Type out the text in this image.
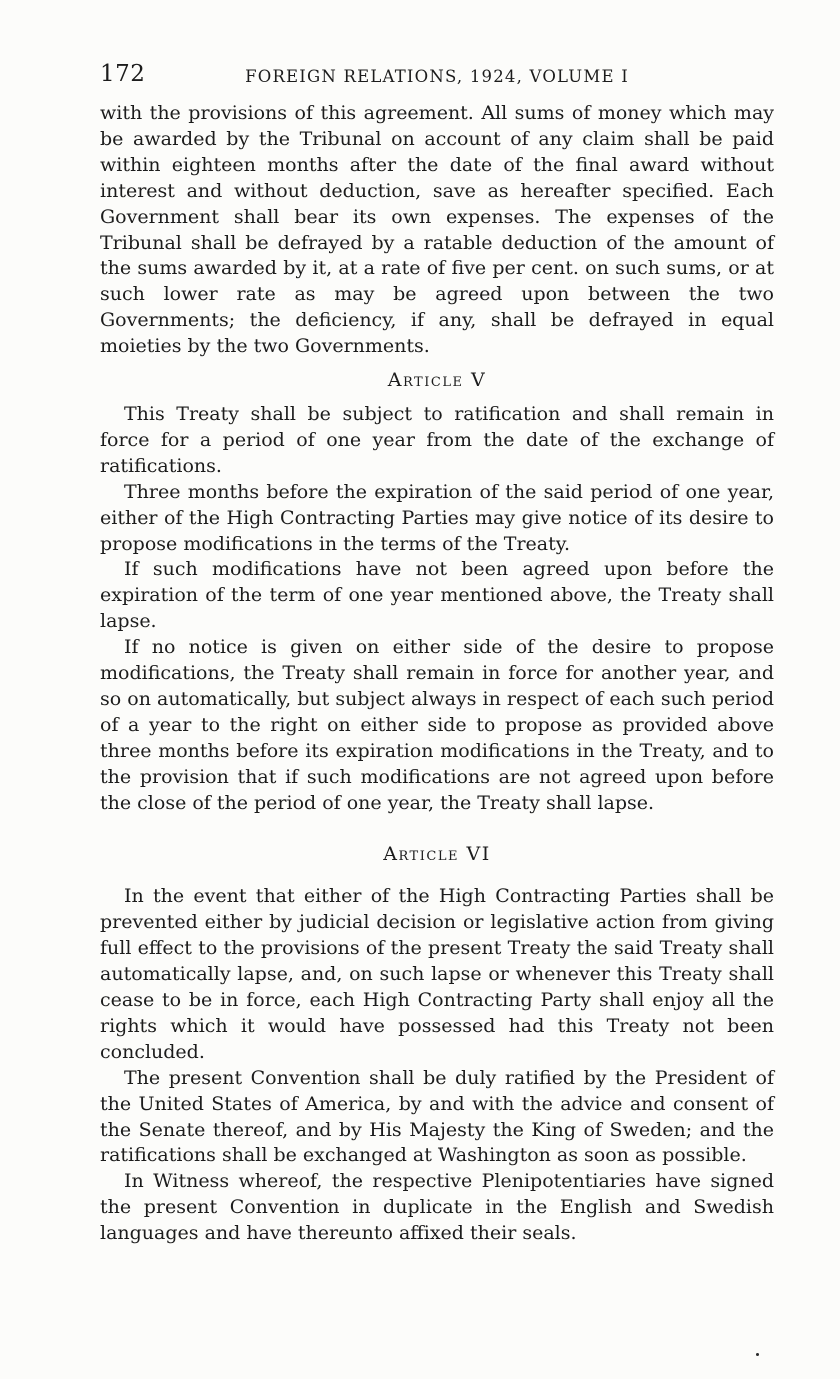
172	FOREIGN RELATIONS, 1924, VOLUME I

with the provisions of this agreement. All sums of money which may be awarded by the Tribunal on account of any claim shall be paid within eighteen months after the date of the final award without interest and without deduction, save as hereafter specified. Each Government shall bear its own expenses. The expenses of the Tribunal shall be defrayed by a ratable deduction of the amount of the sums awarded by it, at a rate of five per cent. on such sums, or at such lower rate as may be agreed upon between the two Governments; the deficiency, if any, shall be defrayed in equal moieties by the two Governments.

Article V

This Treaty shall be subject to ratification and shall remain in force for a period of one year from the date of the exchange of ratifications.

Three months before the expiration of the said period of one year, either of the High Contracting Parties may give notice of its desire to propose modifications in the terms of the Treaty.

If such modifications have not been agreed upon before the expiration of the term of one year mentioned above, the Treaty shall lapse.

If no notice is given on either side of the desire to propose modifications, the Treaty shall remain in force for another year, and so on automatically, but subject always in respect of each such period of a year to the right on either side to propose as provided above three months before its expiration modifications in the Treaty, and to the provision that if such modifications are not agreed upon before the close of the period of one year, the Treaty shall lapse.

Article VI

In the event that either of the High Contracting Parties shall be prevented either by judicial decision or legislative action from giving full effect to the provisions of the present Treaty the said Treaty shall automatically lapse, and, on such lapse or whenever this Treaty shall cease to be in force, each High Contracting Party shall enjoy all the rights which it would have possessed had this Treaty not been concluded.

The present Convention shall be duly ratified by the President of the United States of America, by and with the advice and consent of the Senate thereof, and by His Majesty the King of Sweden; and the ratifications shall be exchanged at Washington as soon as possible.

In Witness whereof, the respective Plenipotentiaries have signed the present Convention in duplicate in the English and Swedish languages and have thereunto affixed their seals.
